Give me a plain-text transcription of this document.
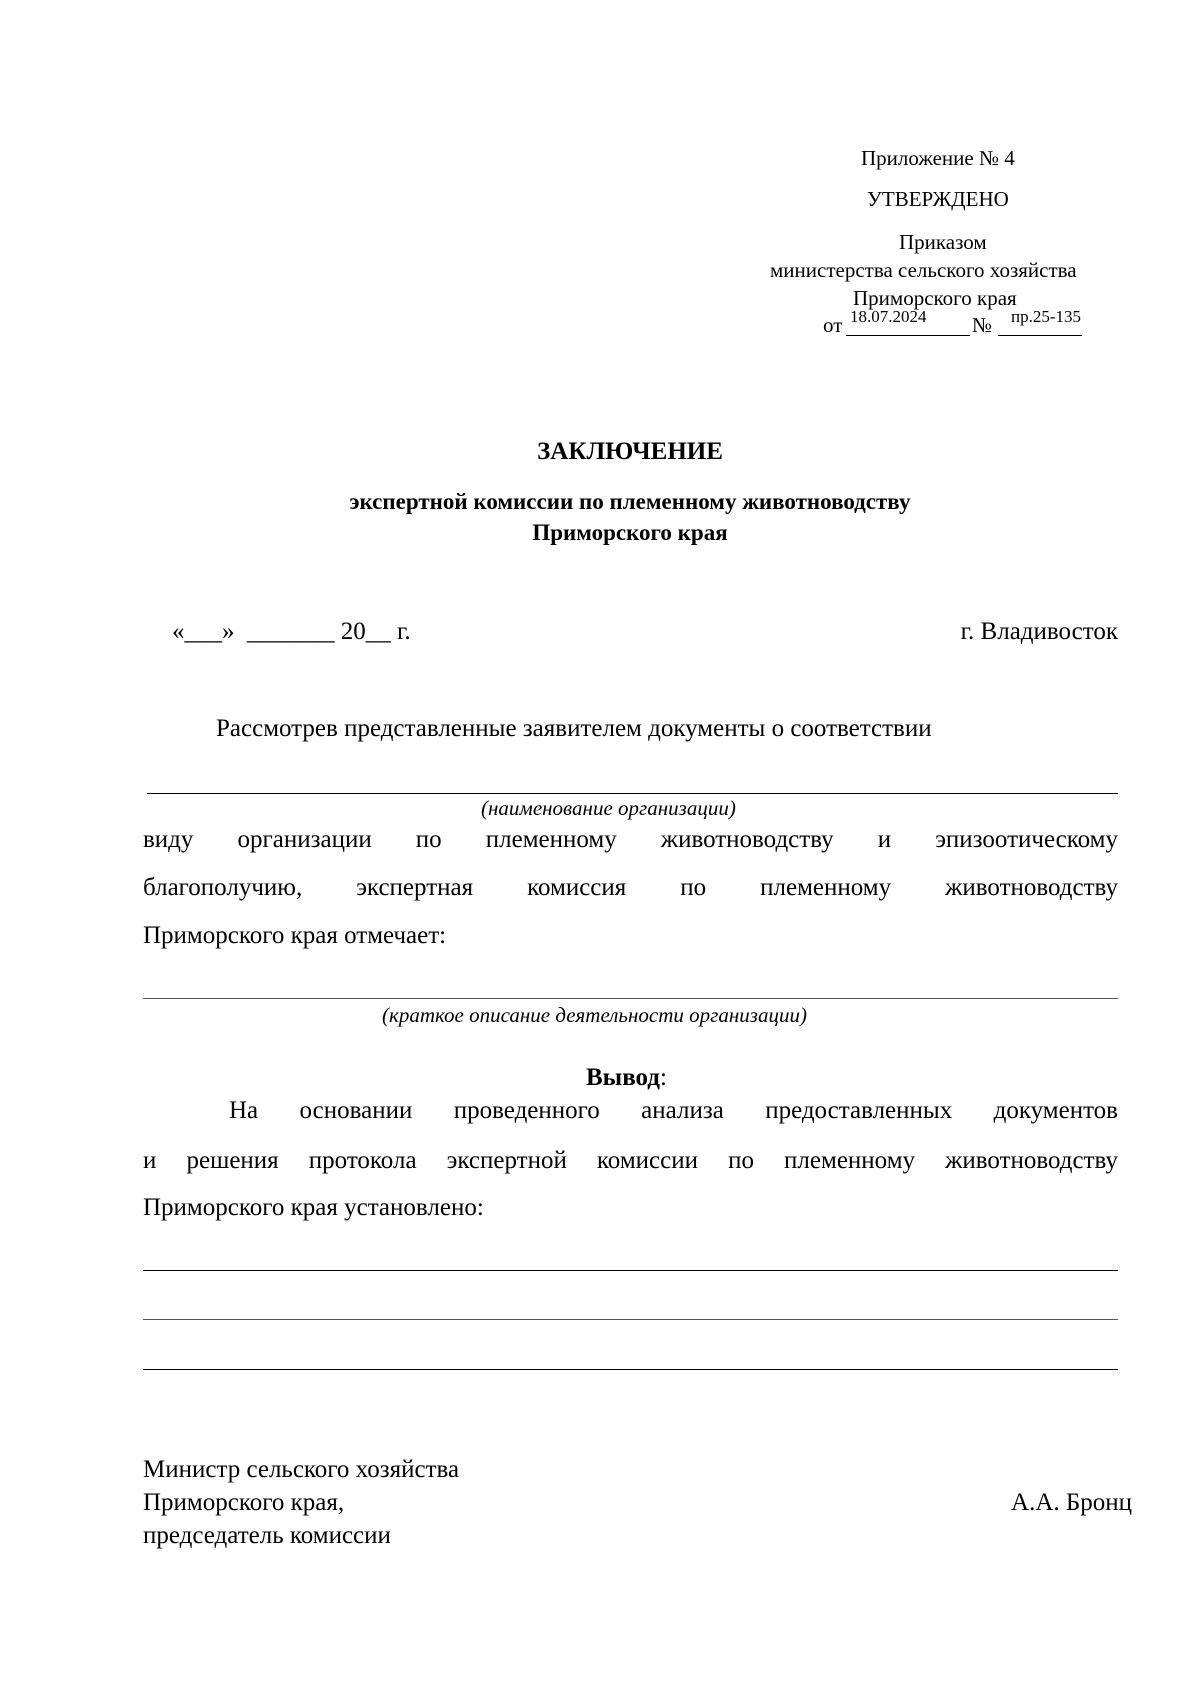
Приложение № 4
УТВЕРЖДЕНО
Приказом
министерства сельского хозяйства
Приморского края
от 18.07.2024 № пр.25-135
ЗАКЛЮЧЕНИЕ
экспертной комиссии по племенному животноводству
Приморского края
«___»  _______ 20__ г.	г. Владивосток
Рассмотрев представленные заявителем документы о соответствии
(наименование организации)
виду организации по племенному животноводству и эпизоотическому
благополучию, экспертная комиссия по племенному животноводству
Приморского края отмечает:
(краткое описание деятельности организации)
Вывод:
На основании проведенного анализа предоставленных документов
и решения протокола экспертной комиссии по племенному животноводству
Приморского края установлено:
Министр сельского хозяйства
Приморского края,
председатель комиссии
А.А. Бронц
